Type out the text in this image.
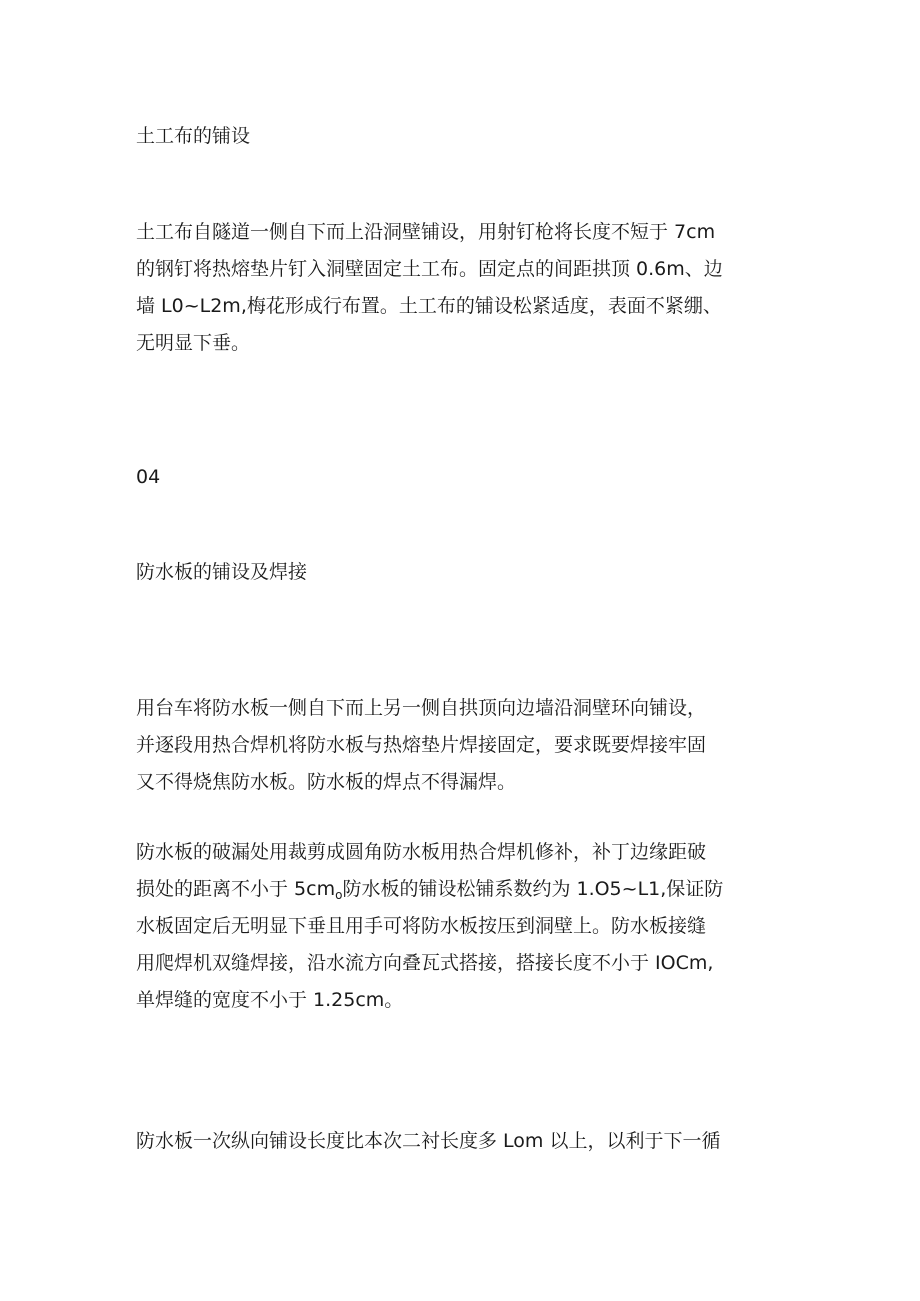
土工布的铺设
土工布自隧道一侧自下而上沿洞壁铺设，用射钉枪将长度不短于 7cm
的钢钉将热熔垫片钉入洞壁固定土工布。固定点的间距拱顶 0.6m、边
墙 L0~L2m,梅花形成行布置。土工布的铺设松紧适度，表面不紧绷、
无明显下垂。
04
防水板的铺设及焊接
用台车将防水板一侧自下而上另一侧自拱顶向边墙沿洞壁环向铺设，
并逐段用热合焊机将防水板与热熔垫片焊接固定，要求既要焊接牢固
又不得烧焦防水板。防水板的焊点不得漏焊。
防水板的破漏处用裁剪成圆角防水板用热合焊机修补，补丁边缘距破
损处的距离不小于 $5cm_o$防水板的铺设松铺系数约为 1.O5~L1,保证防
水板固定后无明显下垂且用手可将防水板按压到洞壁上。防水板接缝
用爬焊机双缝焊接，沿水流方向叠瓦式搭接，搭接长度不小于 IOCm,
单焊缝的宽度不小于 1.25cm。
防水板一次纵向铺设长度比本次二衬长度多 Lom 以上，以利于下一循
